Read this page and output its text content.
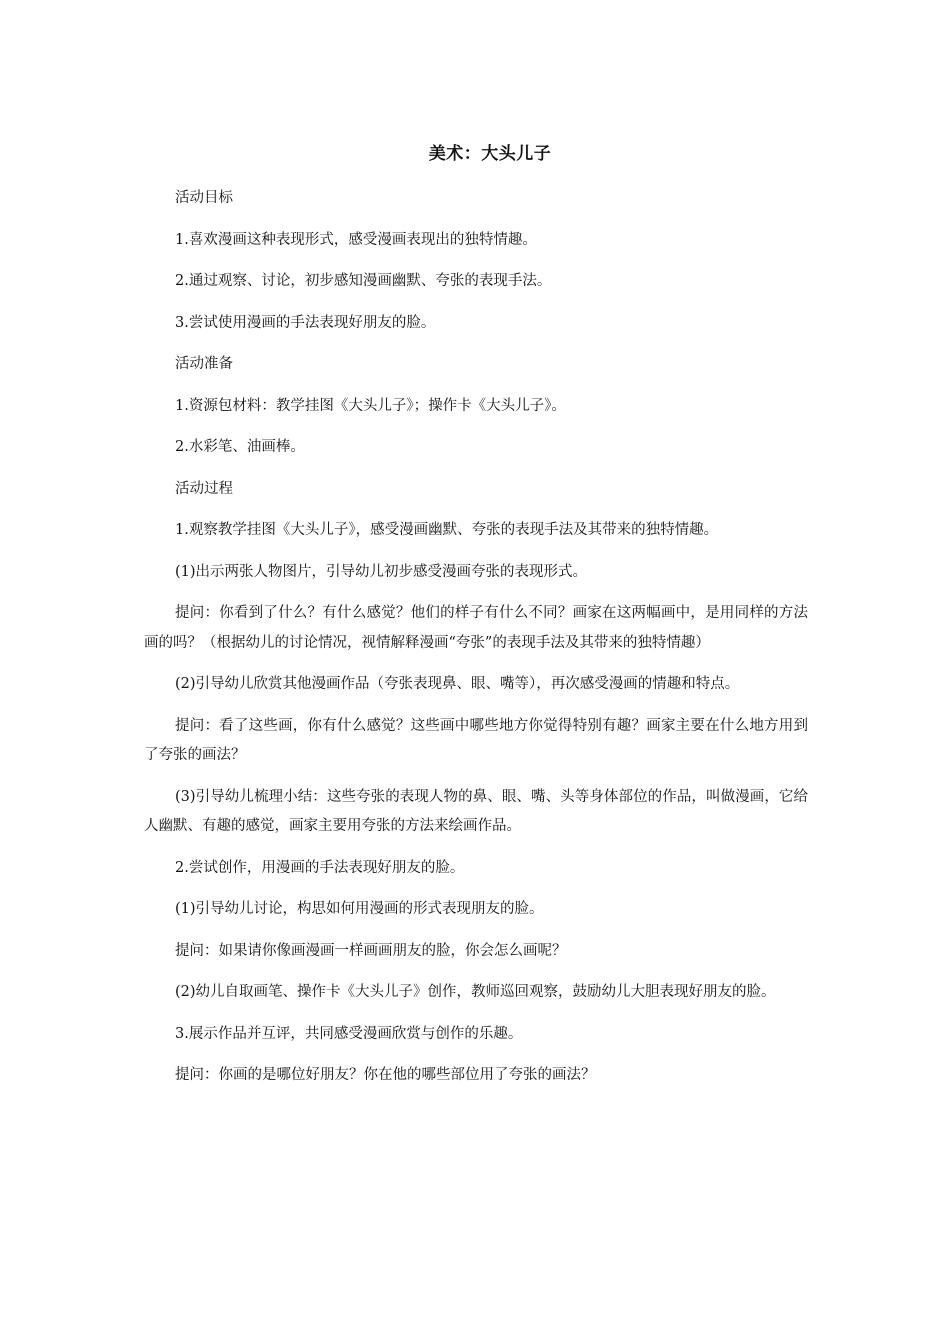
美术：大头儿子

活动目标

1.喜欢漫画这种表现形式，感受漫画表现出的独特情趣。

2.通过观察、讨论，初步感知漫画幽默、夸张的表现手法。

3.尝试使用漫画的手法表现好朋友的脸。

活动准备

1.资源包材料：教学挂图《大头儿子》；操作卡《大头儿子》。

2.水彩笔、油画棒。

活动过程

1.观察教学挂图《大头儿子》，感受漫画幽默、夸张的表现手法及其带来的独特情趣。

(1)出示两张人物图片，引导幼儿初步感受漫画夸张的表现形式。

提问：你看到了什么？有什么感觉？他们的样子有什么不同？画家在这两幅画中，是用同样的方法画的吗？（根据幼儿的讨论情况，视情解释漫画“夸张”的表现手法及其带来的独特情趣）

(2)引导幼儿欣赏其他漫画作品（夸张表现鼻、眼、嘴等），再次感受漫画的情趣和特点。

提问：看了这些画，你有什么感觉？这些画中哪些地方你觉得特别有趣？画家主要在什么地方用到了夸张的画法？

(3)引导幼儿梳理小结：这些夸张的表现人物的鼻、眼、嘴、头等身体部位的作品，叫做漫画，它给人幽默、有趣的感觉，画家主要用夸张的方法来绘画作品。

2.尝试创作，用漫画的手法表现好朋友的脸。

(1)引导幼儿讨论，构思如何用漫画的形式表现朋友的脸。

提问：如果请你像画漫画一样画画朋友的脸，你会怎么画呢？

(2)幼儿自取画笔、操作卡《大头儿子》创作，教师巡回观察，鼓励幼儿大胆表现好朋友的脸。

3.展示作品并互评，共同感受漫画欣赏与创作的乐趣。

提问：你画的是哪位好朋友？你在他的哪些部位用了夸张的画法？
